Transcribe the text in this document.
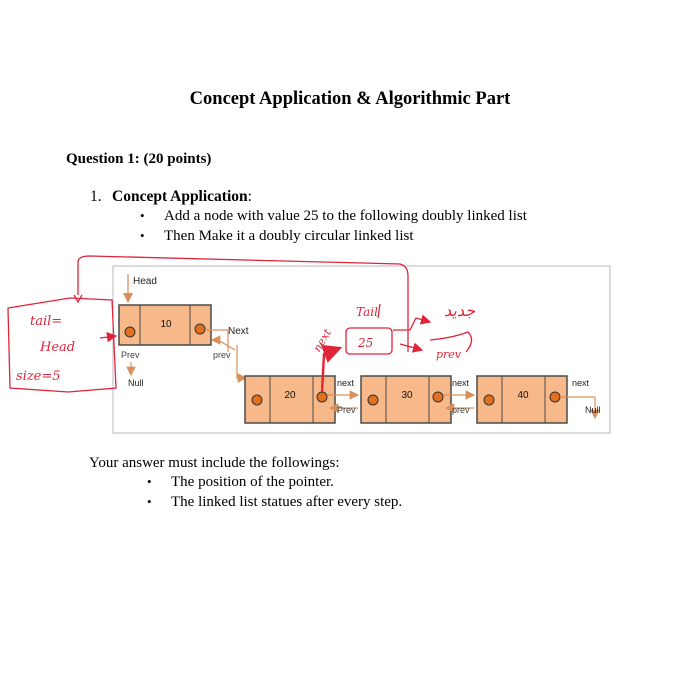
Concept Application & Algorithmic Part
Question 1: (20 points)
1. Concept Application:
• Add a node with value 25 to the following doubly linked list
• Then Make it a doubly circular linked list
Your answer must include the followings:
• The position of the pointer.
• The linked list statues after every step.
Head
10
Prev
Null
Next
prev
20
next
Prev
30
next
prev
40
next
Null
tail=
Head
size=5
next
Tail
25
جديد
prev
